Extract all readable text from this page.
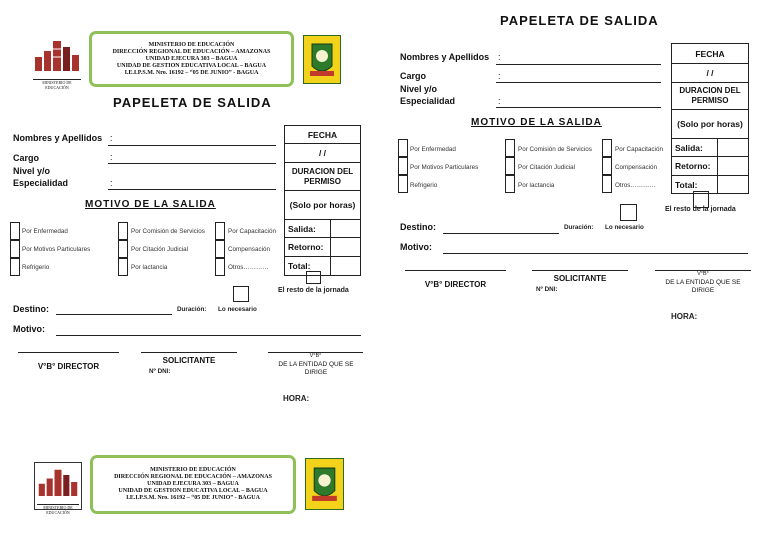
MINISTERIO DE EDUCACIÓN
MINISTERIO DE EDUCACIÓN
DIRECCIÓN REGIONAL DE EDUCACIÓN – AMAZONAS
UNIDAD EJECURA 303 – BAGUA
UNIDAD DE GESTION EDUCATIVA LOCAL – BAGUA
I.E.I.P.S.M. Nro. 16192 – “05 DE JUNIO” - BAGUA
PAPELETA DE SALIDA
Nombres y Apellidos :
Cargo	:
Nivel y/o
Especialidad	:
FECHA
/ /
DURACION DEL PERMISO
(Solo por horas)
Salida:
Retorno:
Total:
El resto de la jornada
MOTIVO DE LA SALIDA
Por Enfermedad	Por Comisión de Servicios	Por Capacitación
Por Motivos Particulares	Por Citación Judicial	Compensación
Refrigerio	Por lactancia	Otros…………
Destino:	Duración: Lo necesario
Motivo:
V°B° DIRECTOR
SOLICITANTE
Nº DNI:
V°B°
DE LA ENTIDAD QUE SE DIRIGE
HORA:
MINISTERIO DE EDUCACIÓN
MINISTERIO DE EDUCACIÓN
DIRECCIÓN REGIONAL DE EDUCACIÓN – AMAZONAS
UNIDAD EJECURA 303 – BAGUA
UNIDAD DE GESTION EDUCATIVA LOCAL – BAGUA
I.E.I.P.S.M. Nro. 16192 – “05 DE JUNIO” - BAGUA
PAPELETA DE SALIDA
Nombres y Apellidos :
Cargo	:
Nivel y/o
Especialidad	:
FECHA
/ /
DURACION DEL PERMISO
(Solo por horas)
Salida:
Retorno:
Total:
El resto de la jornada
MOTIVO DE LA SALIDA
Por Enfermedad	Por Comisión de Servicios	Por Capacitación
Por Motivos Particulares	Por Citación Judicial	Compensación
Refrigerio	Por lactancia	Otros…………
Destino:	Duración: Lo necesario
Motivo:
V°B° DIRECTOR
SOLICITANTE
Nº DNI:
V°B°
DE LA ENTIDAD QUE SE DIRIGE
HORA:
